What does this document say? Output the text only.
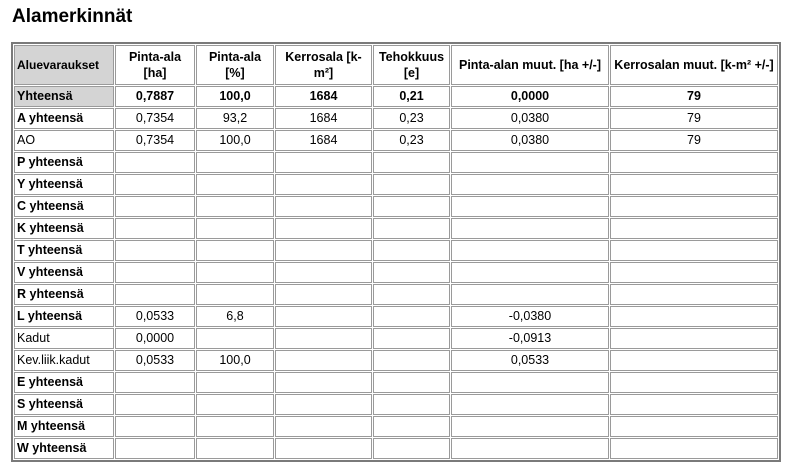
Alamerkinnät
Aluevaraukset	Pinta-ala [ha]	Pinta-ala [%]	Kerrosala [k-m²]	Tehokkuus [e]	Pinta-alan muut. [ha +/-]	Kerrosalan muut. [k-m² +/-]
Yhteensä	0,7887	100,0	1684	0,21	0,0000	79
A yhteensä	0,7354	93,2	1684	0,23	0,0380	79
AO	0,7354	100,0	1684	0,23	0,0380	79
P yhteensä						
Y yhteensä						
C yhteensä						
K yhteensä						
T yhteensä						
V yhteensä						
R yhteensä						
L yhteensä	0,0533	6,8			-0,0380	
Kadut	0,0000				-0,0913	
Kev.liik.kadut	0,0533	100,0			0,0533	
E yhteensä						
S yhteensä						
M yhteensä						
W yhteensä						
